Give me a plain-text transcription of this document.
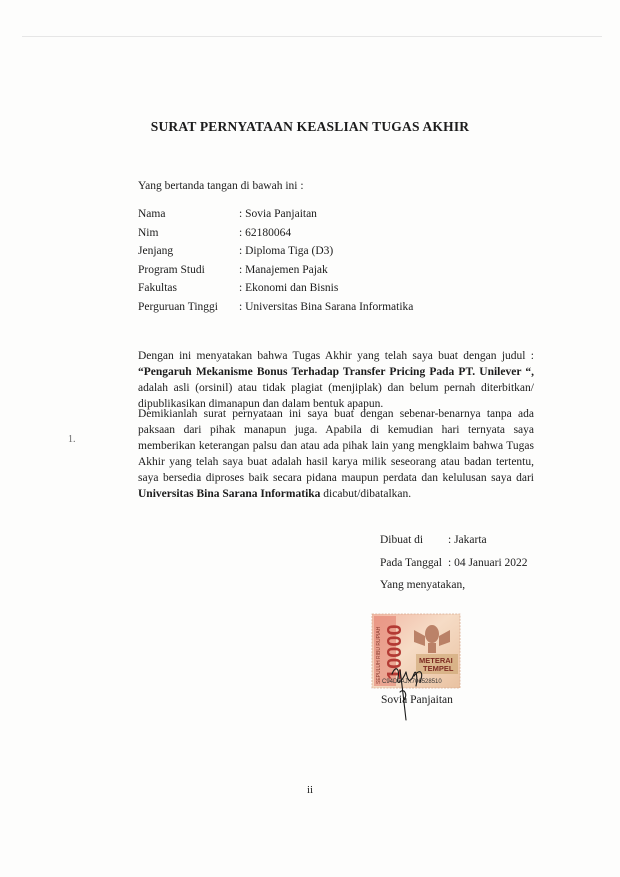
SURAT PERNYATAAN KEASLIAN TUGAS AKHIR
Yang bertanda tangan di bawah ini :
Nama	: Sovia Panjaitan
Nim	: 62180064
Jenjang	: Diploma Tiga (D3)
Program Studi	: Manajemen Pajak
Fakultas	: Ekonomi dan Bisnis
Perguruan Tinggi	: Universitas Bina Sarana Informatika
Dengan ini menyatakan bahwa Tugas Akhir yang telah saya buat dengan judul : “Pengaruh Mekanisme Bonus Terhadap Transfer Pricing Pada PT. Unilever “, adalah asli (orsinil) atau tidak plagiat (menjiplak) dan belum pernah diterbitkan/ dipublikasikan dimanapun dan dalam bentuk apapun.
Demikianlah surat pernyataan ini saya buat dengan sebenar-benarnya tanpa ada paksaan dari pihak manapun juga. Apabila di kemudian hari ternyata saya memberikan keterangan palsu dan atau ada pihak lain yang mengklaim bahwa Tugas Akhir yang telah saya buat adalah hasil karya milik seseorang atau badan tertentu, saya bersedia diproses baik secara pidana maupun perdata dan kelulusan saya dari Universitas Bina Sarana Informatika dicabut/dibatalkan.
1.
Dibuat di	: Jakarta
Pada Tanggal : 04 Januari 2022
Yang menyatakan,
SEPULUH RIBU RUPIAH 10000 METERAI
TEMPEL
C94D3AJX706528510
Sovia Panjaitan
ii
